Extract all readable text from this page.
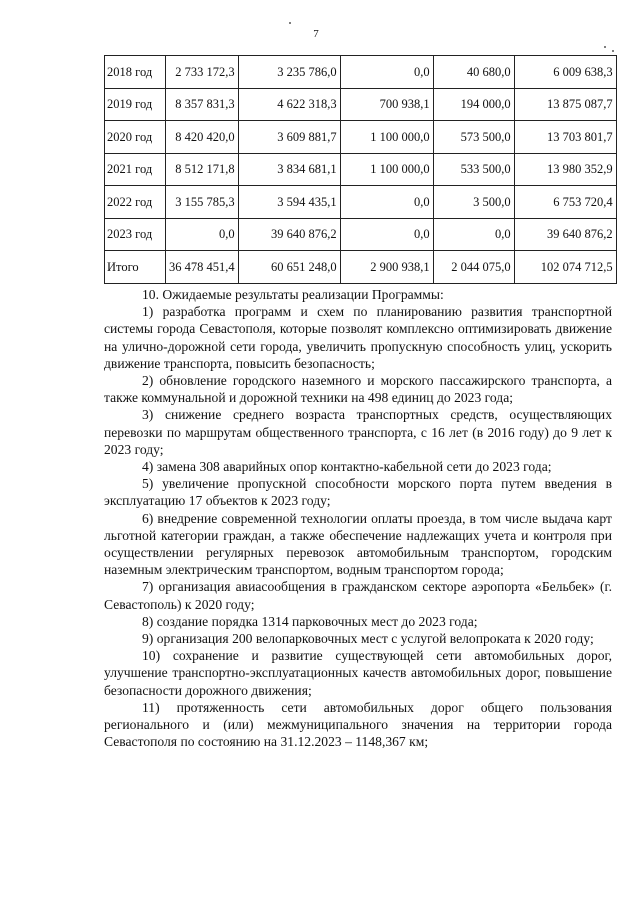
7
2018 год	2 733 172,3	3 235 786,0	0,0	40 680,0	6 009 638,3
2019 год	8 357 831,3	4 622 318,3	700 938,1	194 000,0	13 875 087,7
2020 год	8 420 420,0	3 609 881,7	1 100 000,0	573 500,0	13 703 801,7
2021 год	8 512 171,8	3 834 681,1	1 100 000,0	533 500,0	13 980 352,9
2022 год	3 155 785,3	3 594 435,1	0,0	3 500,0	6 753 720,4
2023 год	0,0	39 640 876,2	0,0	0,0	39 640 876,2
Итого	36 478 451,4	60 651 248,0	2 900 938,1	2 044 075,0	102 074 712,5

10. Ожидаемые результаты реализации Программы:

1) разработка программ и схем по планированию развития транспортной системы города Севастополя, которые позволят комплексно оптимизировать движение на улично-дорожной сети города, увеличить пропускную способность улиц, ускорить движение транспорта, повысить безопасность;

2) обновление городского наземного и морского пассажирского транспорта, а также коммунальной и дорожной техники на 498 единиц до 2023 года;

3) снижение среднего возраста транспортных средств, осуществляющих перевозки по маршрутам общественного транспорта, с 16 лет (в 2016 году) до 9 лет к 2023 году;

4) замена 308 аварийных опор контактно-кабельной сети до 2023 года;

5) увеличение пропускной способности морского порта путем введения в эксплуатацию 17 объектов к 2023 году;

6) внедрение современной технологии оплаты проезда, в том числе выдача карт льготной категории граждан, а также обеспечение надлежащих учета и контроля при осуществлении регулярных перевозок автомобильным транспортом, городским наземным электрическим транспортом, водным транспортом города;

7) организация авиасообщения в гражданском секторе аэропорта «Бельбек» (г. Севастополь) к 2020 году;

8) создание порядка 1314 парковочных мест до 2023 года;

9) организация 200 велопарковочных мест с услугой велопроката к 2020 году;

10) сохранение и развитие существующей сети автомобильных дорог, улучшение транспортно-эксплуатационных качеств автомобильных дорог, повышение безопасности дорожного движения;

11) протяженность сети автомобильных дорог общего пользования регионального и (или) межмуниципального значения на территории города Севастополя по состоянию на 31.12.2023 – 1148,367 км;
